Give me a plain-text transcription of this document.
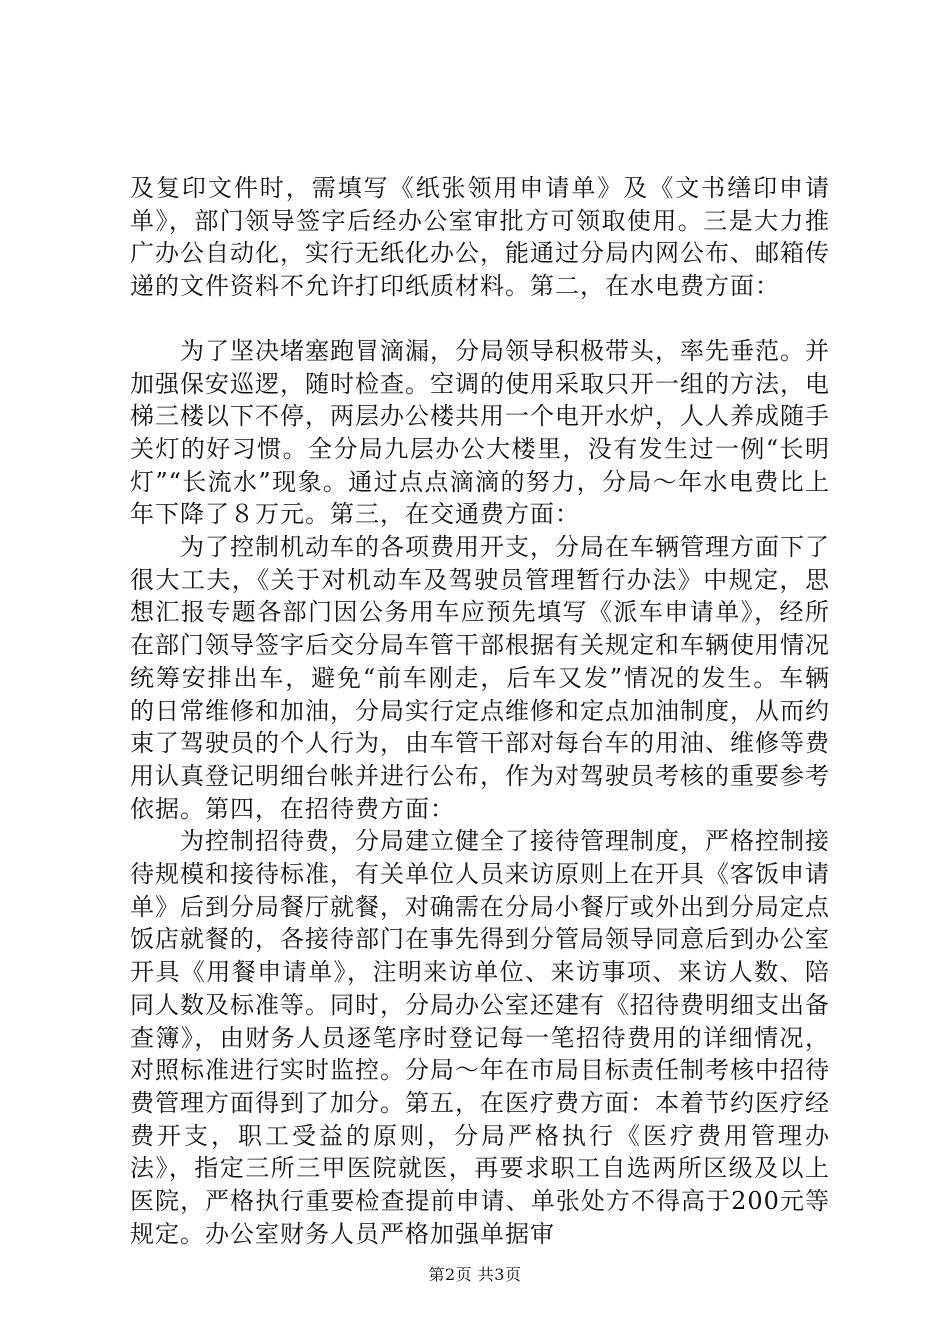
及复印文件时，需填写《纸张领用申请单》及《文书缮印申请单》，部门领导签字后经办公室审批方可领取使用。三是大力推广办公自动化，实行无纸化办公，能通过分局内网公布、邮箱传递的文件资料不允许打印纸质材料。第二，在水电费方面：

为了坚决堵塞跑冒滴漏，分局领导积极带头，率先垂范。并加强保安巡逻，随时检查。空调的使用采取只开一组的方法，电梯三楼以下不停，两层办公楼共用一个电开水炉，人人养成随手关灯的好习惯。全分局九层办公大楼里，没有发生过一例“长明灯”“长流水”现象。通过点点滴滴的努力，分局～年水电费比上年下降了８万元。第三，在交通费方面：

为了控制机动车的各项费用开支，分局在车辆管理方面下了很大工夫，《关于对机动车及驾驶员管理暂行办法》中规定，思想汇报专题各部门因公务用车应预先填写《派车申请单》，经所在部门领导签字后交分局车管干部根据有关规定和车辆使用情况统筹安排出车，避免“前车刚走，后车又发”情况的发生。车辆的日常维修和加油，分局实行定点维修和定点加油制度，从而约束了驾驶员的个人行为，由车管干部对每台车的用油、维修等费用认真登记明细台帐并进行公布，作为对驾驶员考核的重要参考依据。第四，在招待费方面：

为控制招待费，分局建立健全了接待管理制度，严格控制接待规模和接待标准，有关单位人员来访原则上在开具《客饭申请单》后到分局餐厅就餐，对确需在分局小餐厅或外出到分局定点饭店就餐的，各接待部门在事先得到分管局领导同意后到办公室开具《用餐申请单》，注明来访单位、来访事项、来访人数、陪同人数及标准等。同时，分局办公室还建有《招待费明细支出备查簿》，由财务人员逐笔序时登记每一笔招待费用的详细情况，对照标准进行实时监控。分局～年在市局目标责任制考核中招待费管理方面得到了加分。第五，在医疗费方面：本着节约医疗经费开支，职工受益的原则，分局严格执行《医疗费用管理办法》，指定三所三甲医院就医，再要求职工自选两所区级及以上医院，严格执行重要检查提前申请、单张处方不得高于200元等规定。办公室财务人员严格加强单据审

第2页 共3页
